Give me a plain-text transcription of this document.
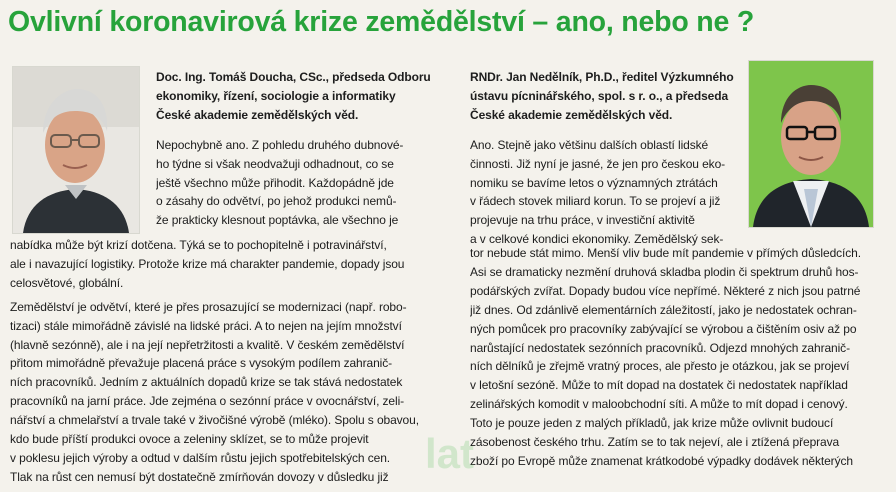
Ovlivní koronavirová krize zemědělství – ano, nebo ne ?

Doc. Ing. Tomáš Doucha, CSc., předseda Odboru
ekonomiky, řízení, sociologie a informatiky
České akademie zemědělských věd.

Nepochybně ano. Z pohledu druhého dubnové-
ho týdne si však neodvažuji odhadnout, co se
ještě všechno může přihodit. Každopádně jde
o zásahy do odvětví, po jehož produkci nemů-
že prakticky klesnout poptávka, ale všechno je

nabídka může být krizí dotčena. Týká se to pochopitelně i potravinářství,
ale i navazující logistiky. Protože krize má charakter pandemie, dopady jsou
celosvětové, globální.

Zemědělství je odvětví, které je přes prosazující se modernizaci (např. robo-
tizaci) stále mimořádně závislé na lidské práci. A to nejen na jejím množství
(hlavně sezónně), ale i na její nepřetržitosti a kvalitě. V českém zemědělství
přitom mimořádně převažuje placená práce s vysokým podílem zahranič-
ních pracovníků. Jedním z aktuálních dopadů krize se tak stává nedostatek
pracovníků na jarní práce. Jde zejména o sezónní práce v ovocnářství, zeli-
nářství a chmelařství a trvale také v živočišné výrobě (mléko). Spolu s obavou,
kdo bude příští produkci ovoce a zeleniny sklízet, se to může projevit
v poklesu jejich výroby a odtud v dalším růstu jejich spotřebitelských cen.
Tlak na růst cen nemusí být dostatečně zmírňován dovozy v důsledku již

RNDr. Jan Nedělník, Ph.D., ředitel Výzkumného
ústavu pícninářského, spol. s r. o., a předseda
České akademie zemědělských věd.

Ano. Stejně jako většinu dalších oblastí lidské
činnosti. Již nyní je jasné, že jen pro českou eko-
nomiku se bavíme letos o významných ztrátách
v řádech stovek miliard korun. To se projeví a již
projevuje na trhu práce, v investiční aktivitě
a v celkové kondici ekonomiky. Zemědělský sek-

tor nebude stát mimo. Menší vliv bude mít pandemie v přímých důsledcích.
Asi se dramaticky nezmění druhová skladba plodin či spektrum druhů hos-
podářských zvířat. Dopady budou více nepřímé. Některé z nich jsou patrné
již dnes. Od zdánlivě elementárních záležitostí, jako je nedostatek ochran-
ných pomůcek pro pracovníky zabývající se výrobou a čištěním osiv až po
narůstající nedostatek sezónních pracovníků. Odjezd mnohých zahranič-
ních dělníků je zřejmě vratný proces, ale přesto je otázkou, jak se projeví
v letošní sezóně. Může to mít dopad na dostatek či nedostatek například
zelinářských komodit v maloobchodní síti. A může to mít dopad i cenový.
Toto je pouze jeden z malých příkladů, jak krize může ovlivnit budoucí
zásobenost českého trhu. Zatím se to tak nejeví, ale i ztížená přeprava
zboží po Evropě může znamenat krátkodobé výpadky dodávek některých

lat
